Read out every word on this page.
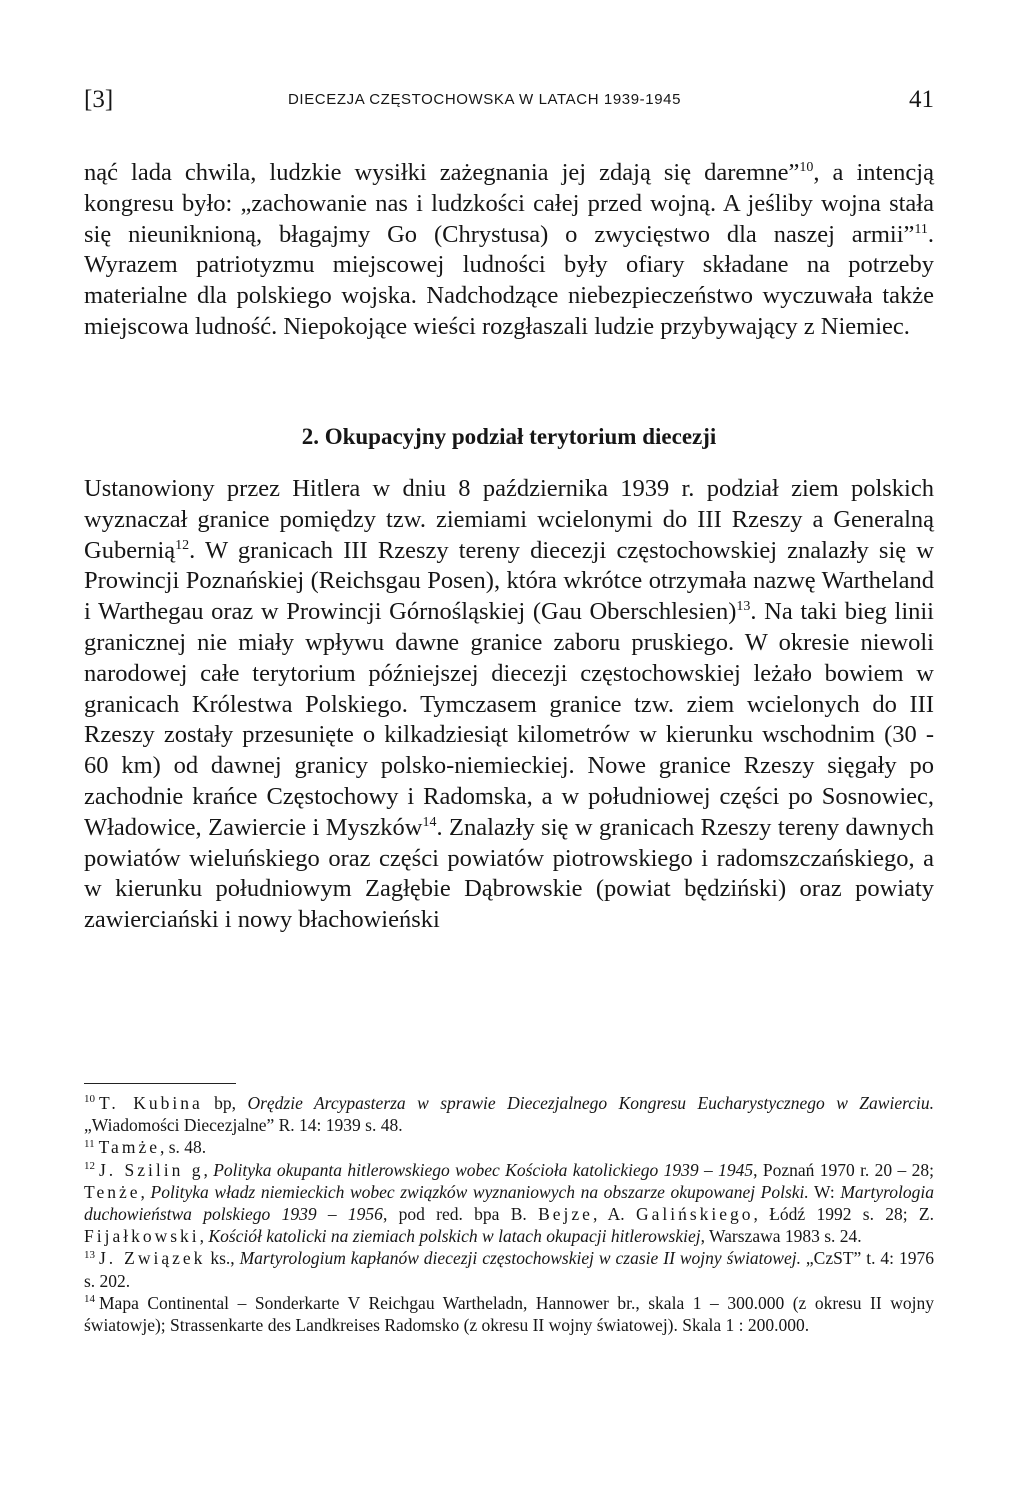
[3]	DIECEZJA CZĘSTOCHOWSKA W LATACH 1939-1945	41

nąć lada chwila, ludzkie wysiłki zażegnania jej zdają się daremne”$^{10}$, a intencją kongresu było: „zachowanie nas i ludzkości całej przed wojną. A jeśliby wojna stała się nieuniknioną, błagajmy Go (Chrystusa) o zwycięstwo dla naszej armii”$^{11}$. Wyrazem patriotyzmu miejscowej ludności były ofiary składane na potrzeby materialne dla polskiego wojska. Nadchodzące niebezpieczeństwo wyczuwała także miejscowa ludność. Niepokojące wieści rozgłaszali ludzie przybywający z Niemiec.

2. Okupacyjny podział terytorium diecezji

Ustanowiony przez Hitlera w dniu 8 października 1939 r. podział ziem polskich wyznaczał granice pomiędzy tzw. ziemiami wcielonymi do III Rzeszy a Generalną Gubernią$^{12}$. W granicach III Rzeszy tereny diecezji częstochowskiej znalazły się w Prowincji Poznańskiej (Reichsgau Posen), która wkrótce otrzymała nazwę Wartheland i Warthegau oraz w Prowincji Górnośląskiej (Gau Oberschlesien)$^{13}$. Na taki bieg linii granicznej nie miały wpływu dawne granice zaboru pruskiego. W okresie niewoli narodowej całe terytorium późniejszej diecezji częstochowskiej leżało bowiem w granicach Królestwa Polskiego. Tymczasem granice tzw. ziem wcielonych do III Rzeszy zostały przesunięte o kilkadziesiąt kilometrów w kierunku wschodnim (30 - 60 km) od dawnej granicy polsko-niemieckiej. Nowe granice Rzeszy sięgały po zachodnie krańce Częstochowy i Radomska, a w południowej części po Sosnowiec, Władowice, Zawiercie i Myszków$^{14}$. Znalazły się w granicach Rzeszy tereny dawnych powiatów wieluńskiego oraz części powiatów piotrowskiego i radomszczańskiego, a w kierunku południowym Zagłębie Dąbrowskie (powiat będziński) oraz powiaty zawierciański i nowy błachowieński

$^{10}$ T. Kubina bp, Orędzie Arcypasterza w sprawie Diecezjalnego Kongresu Eucharystycznego w Zawierciu. „Wiadomości Diecezjalne” R. 14: 1939 s. 48.

$^{11}$ Tamże, s. 48.

$^{12}$ J. Szilin g, Polityka okupanta hitlerowskiego wobec Kościoła katolickiego 1939 – 1945, Poznań 1970 r. 20 – 28; Tenże, Polityka władz niemieckich wobec związków wyznaniowych na obszarze okupowanej Polski. W: Martyrologia duchowieństwa polskiego 1939 – 1956, pod red. bpa B. Bejze, A. Galińskiego, Łódź 1992 s. 28; Z. Fijałkowski, Kościół katolicki na ziemiach polskich w latach okupacji hitlerowskiej, Warszawa 1983 s. 24.

$^{13}$ J. Związek ks., Martyrologium kapłanów diecezji częstochowskiej w czasie II wojny światowej. „CzST” t. 4: 1976 s. 202.

$^{14}$ Mapa Continental – Sonderkarte V Reichgau Wartheladn, Hannower br., skala 1 – 300.000 (z okresu II wojny światowje); Strassenkarte des Landkreises Radomsko (z okresu II wojny światowej). Skala 1 : 200.000.
